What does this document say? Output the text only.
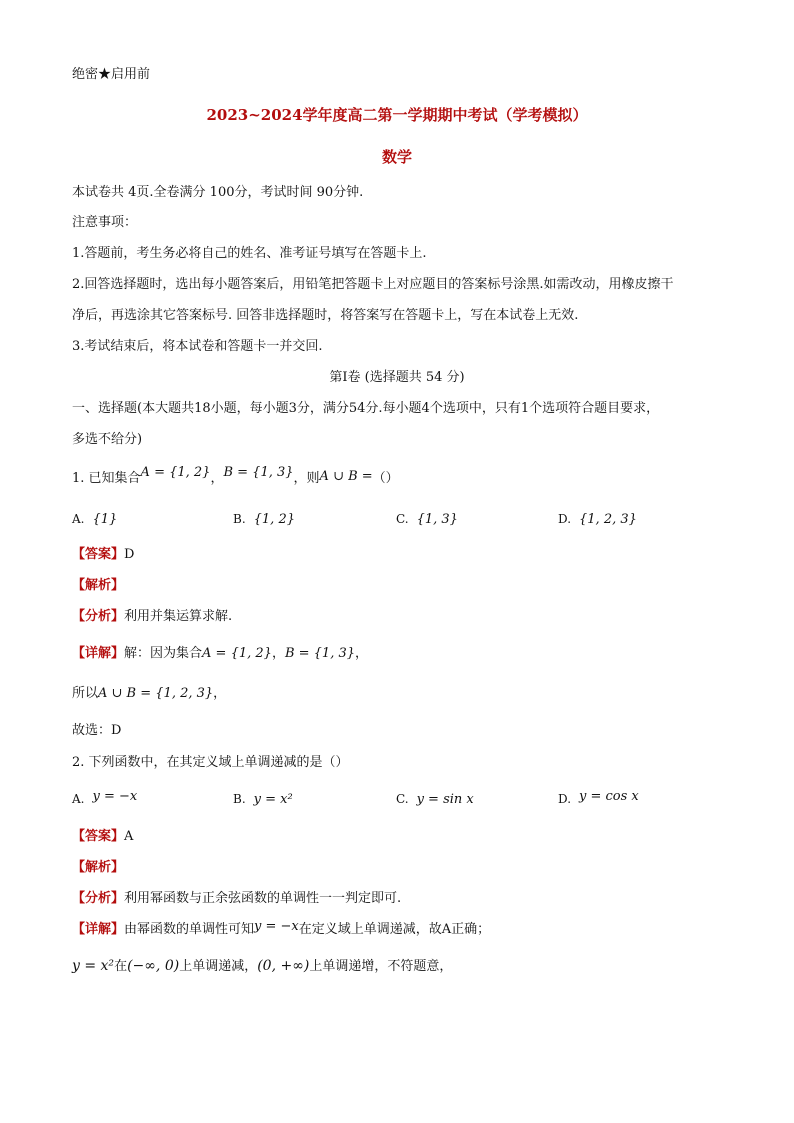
绝密★启用前
2023~2024学年度高二第一学期期中考试（学考模拟）
数学
本试卷共 4页.全卷满分 100分，考试时间 90分钟.
注意事项：
1.答题前，考生务必将自己的姓名、准考证号填写在答题卡上.
2.回答选择题时，选出每小题答案后，用铅笔把答题卡上对应题目的答案标号涂黑.如需改动，用橡皮擦干
净后，再选涂其它答案标号. 回答非选择题时，将答案写在答题卡上，写在本试卷上无效.
3.考试结束后，将本试卷和答题卡一并交回.
第Ⅰ卷 (选择题共 54 分)
一、选择题(本大题共18小题，每小题3分，满分54分.每小题4个选项中，只有1个选项符合题目要求，
多选不给分)
1. 已知集合A = {1, 2}，B = {1, 3}，则A ∪ B =（）
A. {1}	B. {1, 2}	C. {1, 3}	D. {1, 2, 3}
【答案】D
【解析】
【分析】利用并集运算求解.
【详解】解：因为集合A = {1, 2}，B = {1, 3}，
所以A ∪ B = {1, 2, 3}，
故选：D
2. 下列函数中，在其定义域上单调递减的是（）
A. y = −x	B. y = x²	C. y = sin x	D. y = cos x
【答案】A
【解析】
【分析】利用幂函数与正余弦函数的单调性一一判定即可.
【详解】由幂函数的单调性可知y = −x在定义域上单调递减，故A正确；
y = x²在(−∞, 0)上单调递减，(0, +∞)上单调递增，不符题意，
